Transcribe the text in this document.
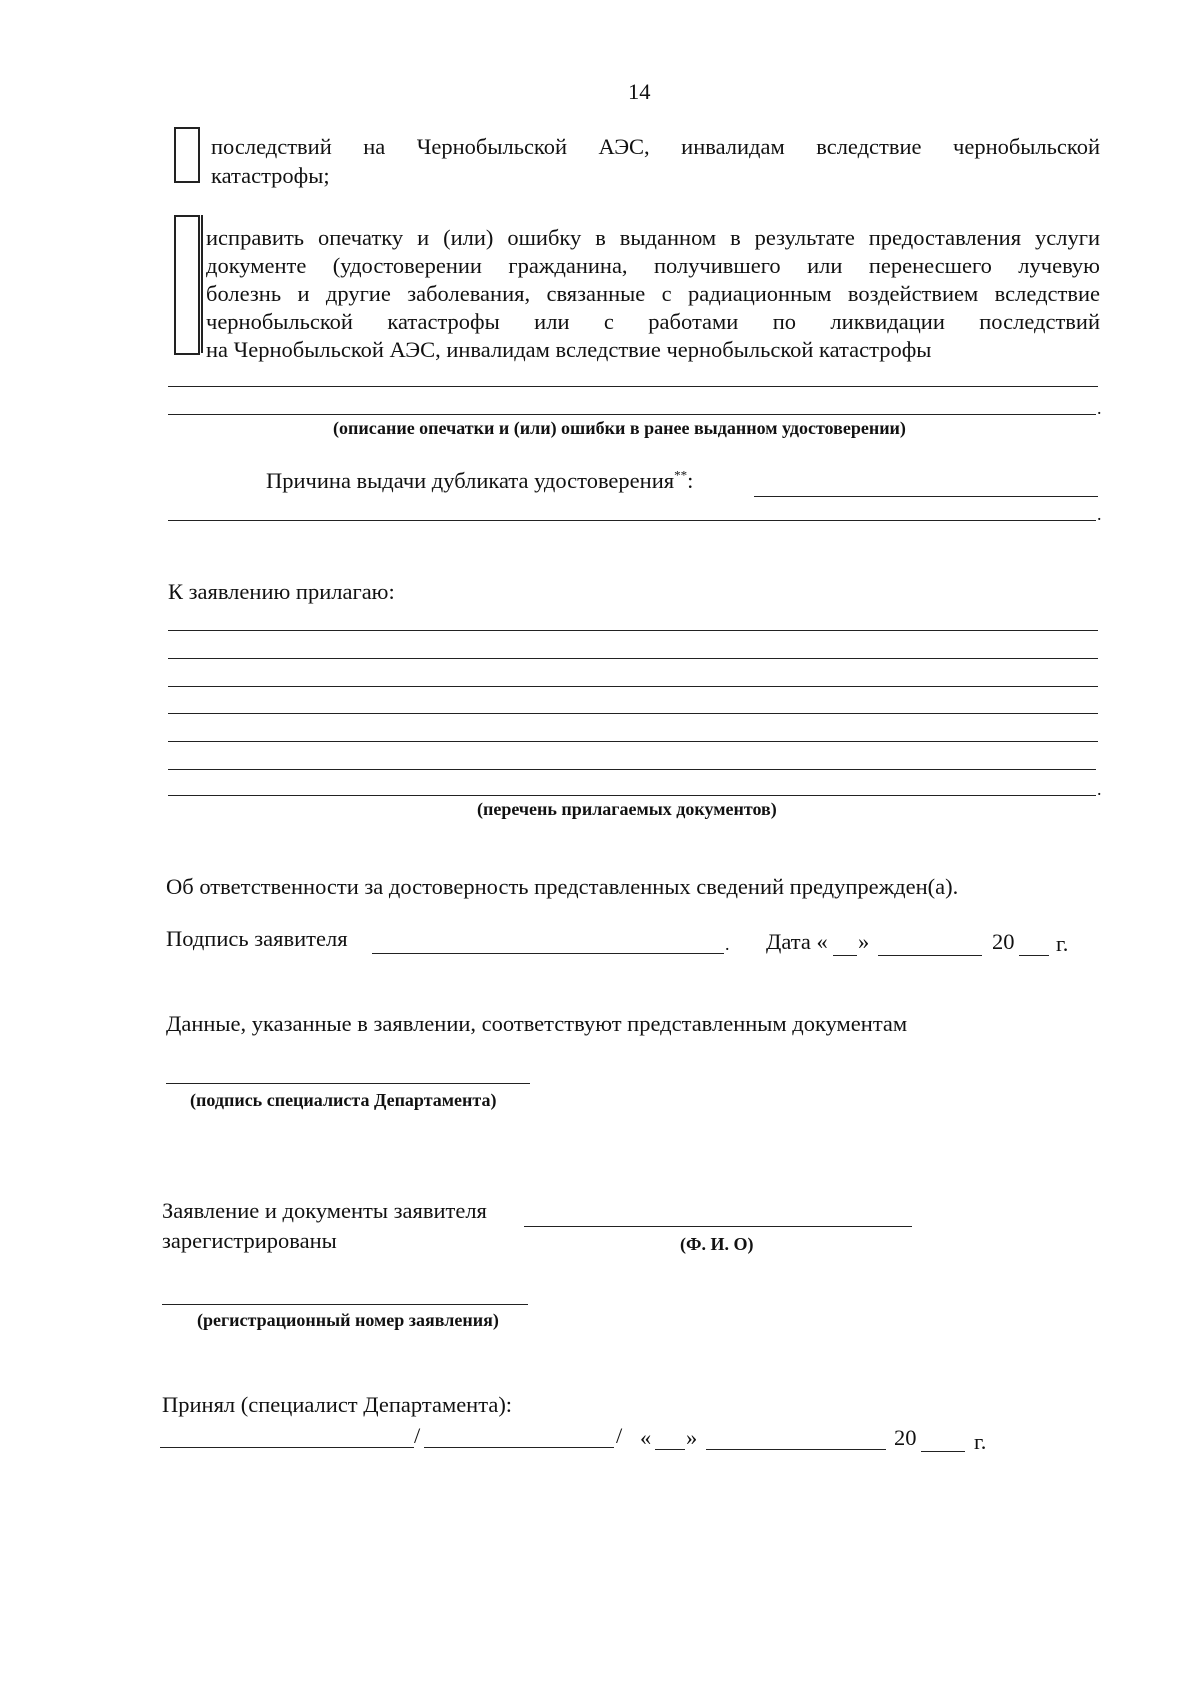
14
последствий на Чернобыльской АЭС, инвалидам вследствие чернобыльской
катастрофы;
исправить опечатку и (или) ошибку в выданном в результате предоставления услуги
документе (удостоверении гражданина, получившего или перенесшего лучевую
болезнь и другие заболевания, связанные с радиационным воздействием вследствие
чернобыльской катастрофы или с работами по ликвидации последствий
на Чернобыльской АЭС, инвалидам вследствие чернобыльской катастрофы
.
(описание опечатки и (или) ошибки в ранее выданном удостоверении)
Причина выдачи дубликата удостоверения**:
.
К заявлению прилагаю:
.
(перечень прилагаемых документов)
Об ответственности за достоверность представленных сведений предупрежден(а).
Подпись заявителя	. Дата « »	20 г.
Данные, указанные в заявлении, соответствуют представленным документам
(подпись специалиста Департамента)
Заявление и документы заявителя
зарегистрированы	(Ф. И. О)
(регистрационный номер заявления)
Принял (специалист Департамента):
/	/ « »	20	г.
